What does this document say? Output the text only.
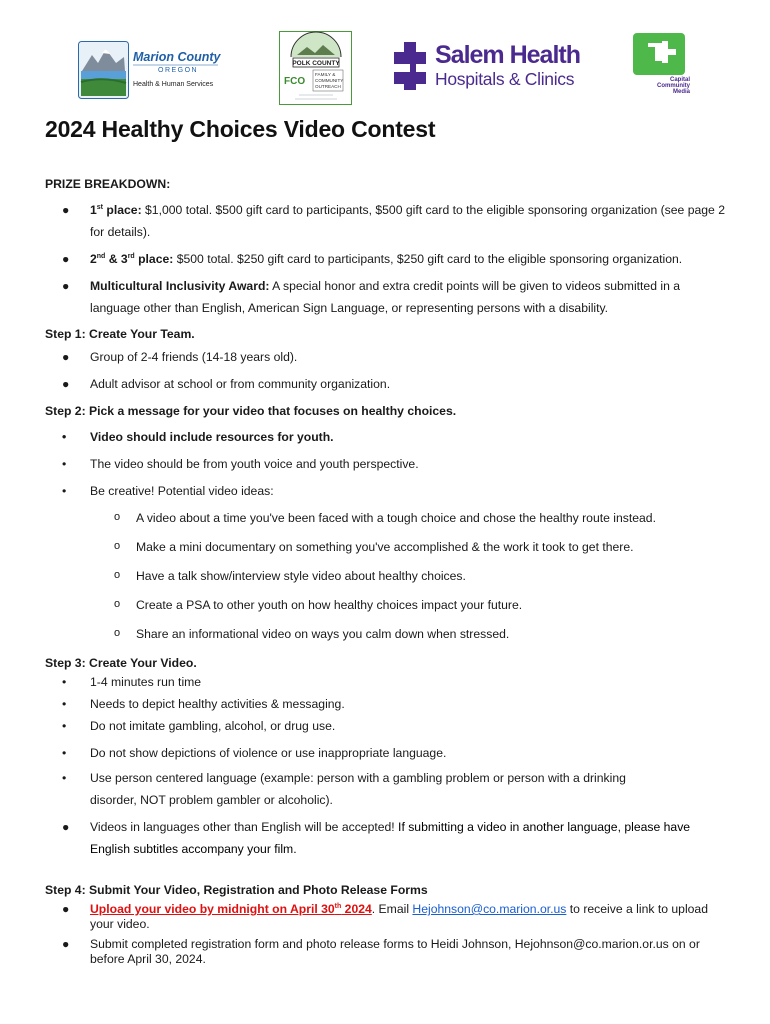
Marion County
OREGON
Health & Human Services
POLK COUNTY
FCO
FAMILY &
COMMUNITY
OUTREACH
Salem Health
Hospitals & Clinics	Capital
Community
Media
2024 Healthy Choices Video Contest

PRIZE BREAKDOWN:

● 1st place: $1,000 total. $500 gift card to participants, $500 gift card to the eligible sponsoring organization (see page 2 for details).
● 2nd & 3rd place: $500 total. $250 gift card to participants, $250 gift card to the eligible sponsoring organization.
● Multicultural Inclusivity Award: A special honor and extra credit points will be given to videos submitted in a language other than English, American Sign Language, or representing persons with a disability.

Step 1: Create Your Team.

● Group of 2-4 friends (14-18 years old).
● Adult advisor at school or from community organization.

Step 2: Pick a message for your video that focuses on healthy choices.

• Video should include resources for youth.
• The video should be from youth voice and youth perspective.
• Be creative! Potential video ideas:
o A video about a time you've been faced with a tough choice and chose the healthy route instead.
o Make a mini documentary on something you've accomplished & the work it took to get there.
o Have a talk show/interview style video about healthy choices.
o Create a PSA to other youth on how healthy choices impact your future.
o Share an informational video on ways you calm down when stressed.

Step 3: Create Your Video.

• 1-4 minutes run time
• Needs to depict healthy activities & messaging.
• Do not imitate gambling, alcohol, or drug use.
• Do not show depictions of violence or use inappropriate language.
• Use person centered language (example: person with a gambling problem or person with a drinking disorder, NOT problem gambler or alcoholic).
● Videos in languages other than English will be accepted! If submitting a video in another language, please have English subtitles accompany your film.

Step 4: Submit Your Video, Registration and Photo Release Forms

● Upload your video by midnight on April 30th 2024. Email Hejohnson@co.marion.or.us to receive a link to upload your video.
● Submit completed registration form and photo release forms to Heidi Johnson, Hejohnson@co.marion.or.us on or before April 30, 2024.
